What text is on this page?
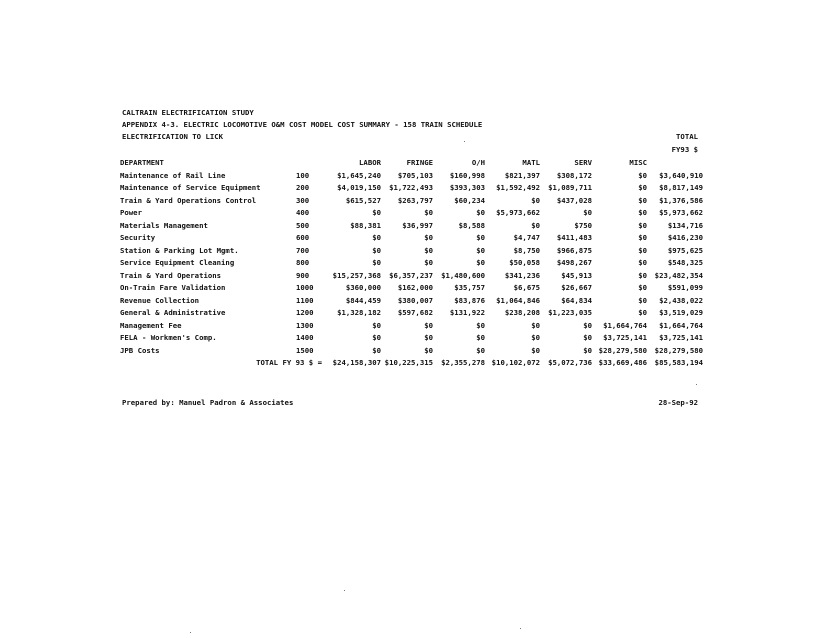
CALTRAIN ELECTRIFICATION STUDY
APPENDIX 4-3. ELECTRIC LOCOMOTIVE O&M COST MODEL COST SUMMARY - 158 TRAIN SCHEDULE
ELECTRIFICATION TO LICK	TOTAL
FY93 $
DEPARTMENT		LABOR	FRINGE	O/H	MATL	SERV	MISC	
Maintenance of Rail Line	100	$1,645,240	$705,103	$160,998	$821,397	$308,172	$0	$3,640,910
Maintenance of Service Equipment	200	$4,019,150	$1,722,493	$393,303	$1,592,492	$1,089,711	$0	$8,817,149
Train & Yard Operations Control	300	$615,527	$263,797	$60,234	$0	$437,028	$0	$1,376,586
Power	400	$0	$0	$0	$5,973,662	$0	$0	$5,973,662
Materials Management	500	$88,381	$36,997	$8,588	$0	$750	$0	$134,716
Security	600	$0	$0	$0	$4,747	$411,483	$0	$416,230
Station & Parking Lot Mgmt.	700	$0	$0	$0	$8,750	$966,875	$0	$975,625
Service Equipment Cleaning	800	$0	$0	$0	$50,058	$498,267	$0	$548,325
Train & Yard Operations	900	$15,257,368	$6,357,237	$1,480,600	$341,236	$45,913	$0	$23,482,354
On-Train Fare Validation	1000	$360,000	$162,000	$35,757	$6,675	$26,667	$0	$591,099
Revenue Collection	1100	$844,459	$380,007	$83,876	$1,064,846	$64,834	$0	$2,438,022
General & Administrative	1200	$1,328,182	$597,682	$131,922	$238,208	$1,223,035	$0	$3,519,029
Management Fee	1300	$0	$0	$0	$0	$0	$1,664,764	$1,664,764
FELA - Workmen's Comp.	1400	$0	$0	$0	$0	$0	$3,725,141	$3,725,141
JPB Costs	1500	$0	$0	$0	$0	$0	$28,279,580	$28,279,580
TOTAL FY 93 $ =		$24,158,307	$10,225,315	$2,355,278	$10,102,072	$5,072,736	$33,669,486	$85,583,194
Prepared by: Manuel Padron & Associates	28-Sep-92
